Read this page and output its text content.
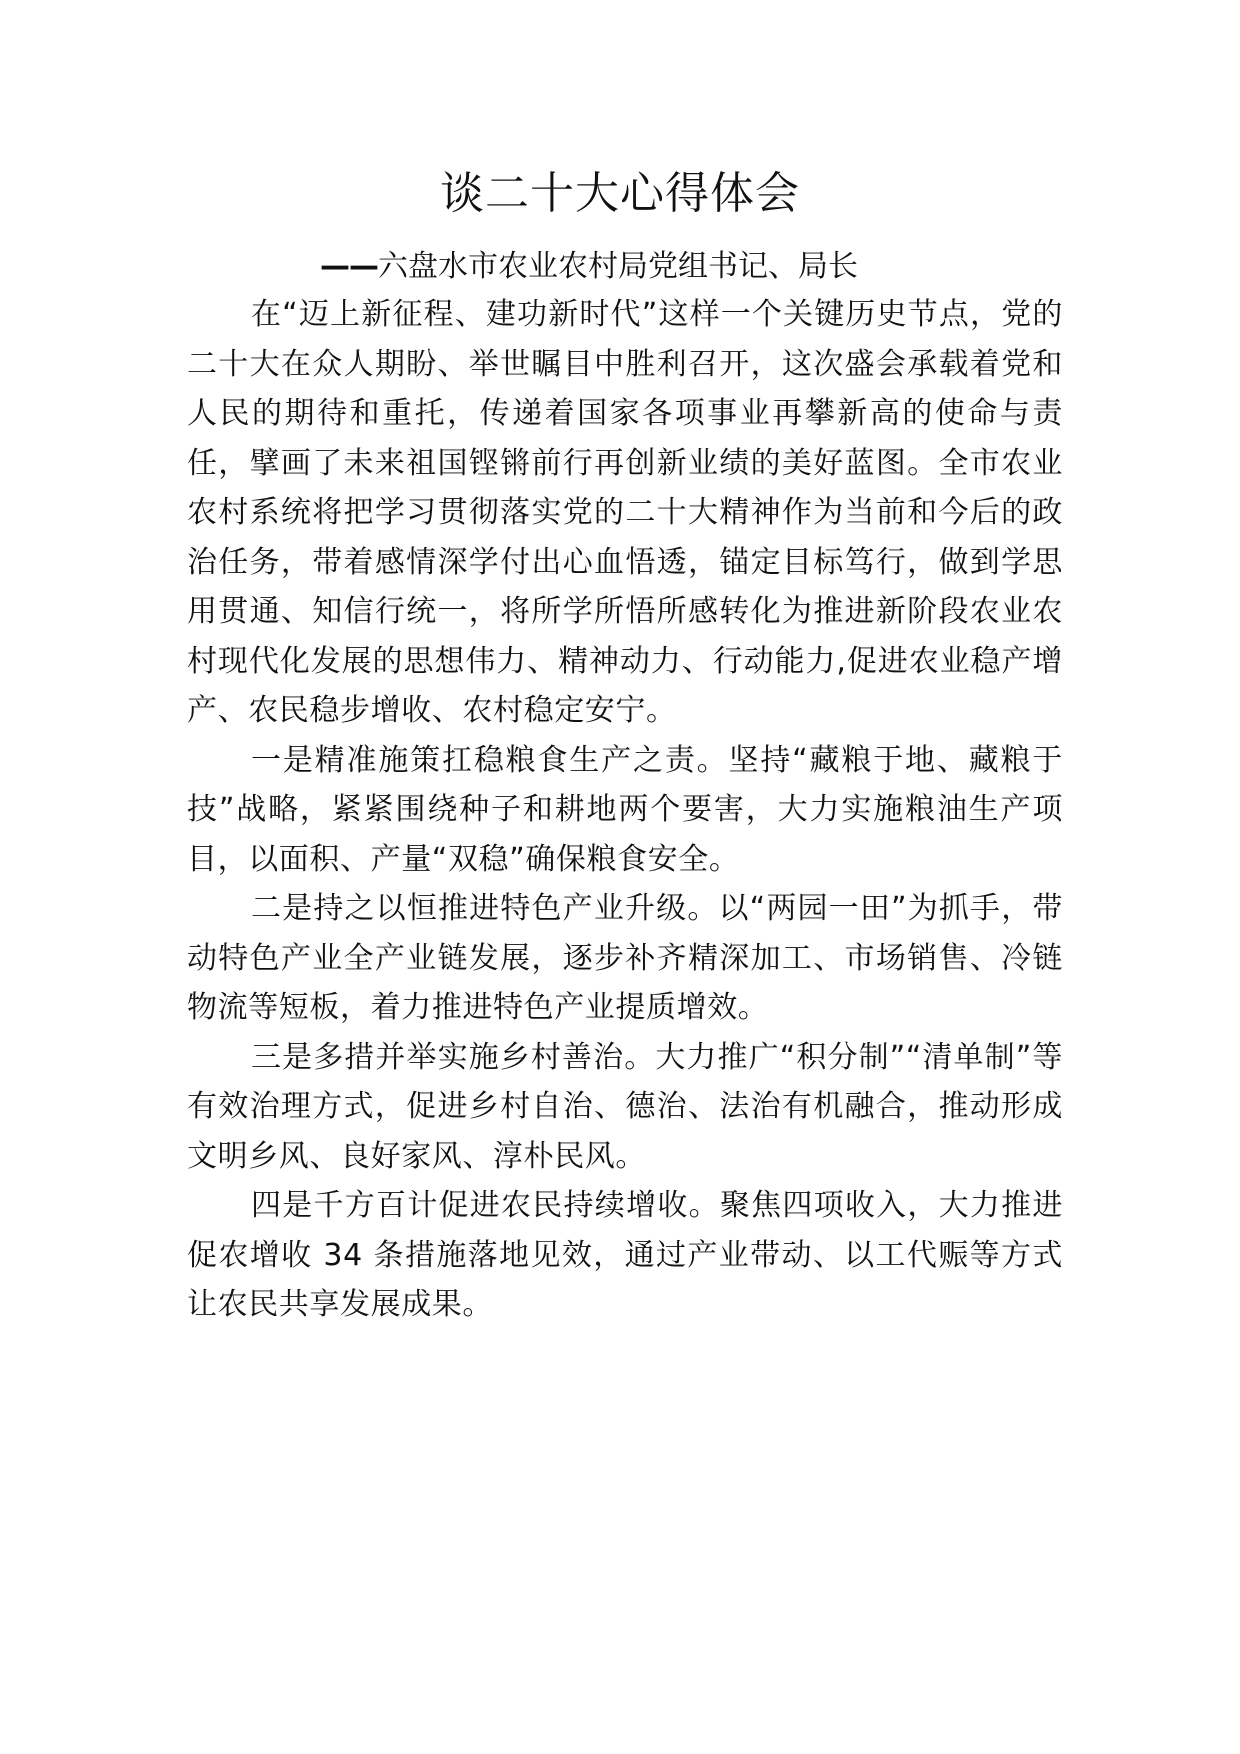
谈二十大心得体会
——六盘水市农业农村局党组书记、局长

在“迈上新征程、建功新时代”这样一个关键历史节点，党的二十大在众人期盼、举世瞩目中胜利召开，这次盛会承载着党和人民的期待和重托，传递着国家各项事业再攀新高的使命与责任，擘画了未来祖国铿锵前行再创新业绩的美好蓝图。全市农业农村系统将把学习贯彻落实党的二十大精神作为当前和今后的政治任务，带着感情深学付出心血悟透，锚定目标笃行，做到学思用贯通、知信行统一，将所学所悟所感转化为推进新阶段农业农村现代化发展的思想伟力、精神动力、行动能力,促进农业稳产增产、农民稳步增收、农村稳定安宁。

一是精准施策扛稳粮食生产之责。坚持“藏粮于地、藏粮于技”战略，紧紧围绕种子和耕地两个要害，大力实施粮油生产项目，以面积、产量“双稳”确保粮食安全。

二是持之以恒推进特色产业升级。以“两园一田”为抓手，带动特色产业全产业链发展，逐步补齐精深加工、市场销售、冷链物流等短板，着力推进特色产业提质增效。

三是多措并举实施乡村善治。大力推广“积分制”“清单制”等有效治理方式，促进乡村自治、德治、法治有机融合，推动形成文明乡风、良好家风、淳朴民风。

四是千方百计促进农民持续增收。聚焦四项收入，大力推进促农增收 34 条措施落地见效，通过产业带动、以工代赈等方式让农民共享发展成果。
